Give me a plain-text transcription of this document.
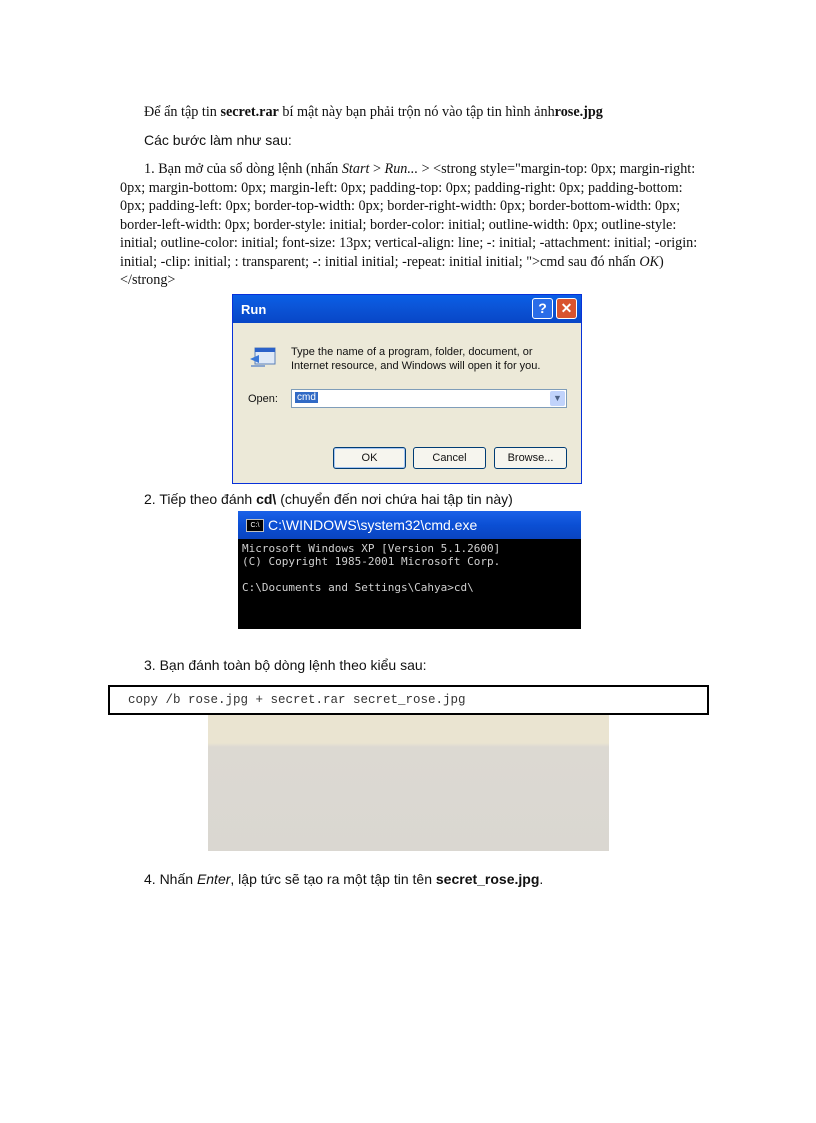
Để ẩn tập tin secret.rar bí mật này bạn phải trộn nó vào tập tin hình ảnhrose.jpg
Các bước làm như sau:
1. Bạn mở của sổ dòng lệnh (nhấn Start > Run... > <strong style="margin-top: 0px; margin-right: 0px; margin-bottom: 0px; margin-left: 0px; padding-top: 0px; padding-right: 0px; padding-bottom: 0px; padding-left: 0px; border-top-width: 0px; border-right-width: 0px; border-bottom-width: 0px; border-left-width: 0px; border-style: initial; border-color: initial; outline-width: 0px; outline-style: initial; outline-color: initial; font-size: 13px; vertical-align: line; -: initial; -attachment: initial; -origin: initial; -clip: initial; : transparent; -: initial initial; -repeat: initial initial; ">cmd sau đó nhấn OK)</strong>
Run	? ✕
Type the name of a program, folder, document, or Internet resource, and Windows will open it for you.
Open: cmd	▼
OK	Cancel	Browse...
2. Tiếp theo đánh cd\ (chuyển đến nơi chứa hai tập tin này)
C:\ C:\WINDOWS\system32\cmd.exe
Microsoft Windows XP [Version 5.1.2600]
(C) Copyright 1985-2001 Microsoft Corp.

C:\Documents and Settings\Cahya>cd\
3. Bạn đánh toàn bộ dòng lệnh theo kiểu sau:
copy /b rose.jpg + secret.rar secret_rose.jpg
4. Nhấn Enter, lập tức sẽ tạo ra một tập tin tên secret_rose.jpg.
